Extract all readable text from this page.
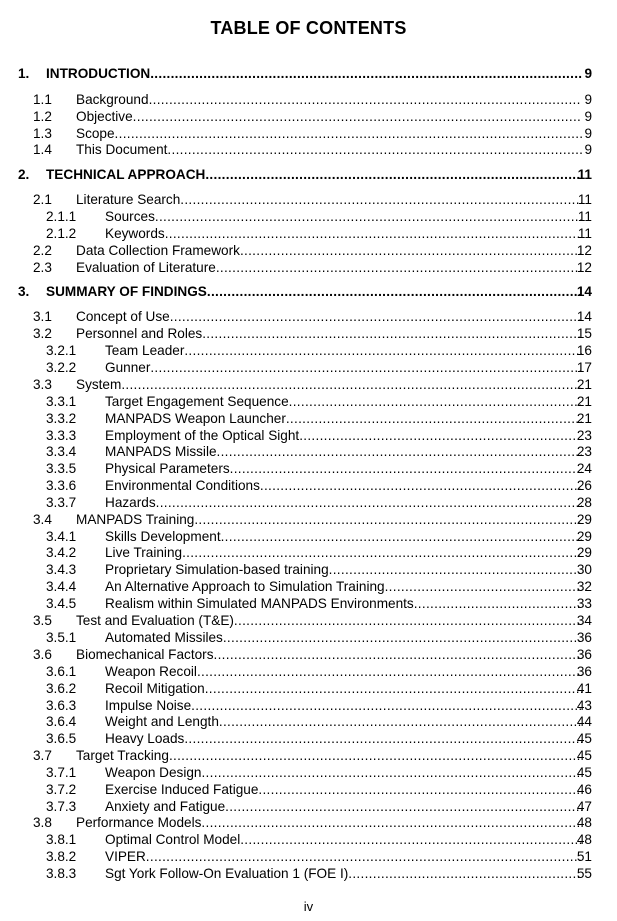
TABLE OF CONTENTS
1. INTRODUCTION .....	9
1.1 Background .....	9
1.2 Objective .....	9
1.3 Scope .....	9
1.4 This Document .....	9
2. TECHNICAL APPROACH .....	11
2.1 Literature Search .....	11
2.1.1 Sources .....	11
2.1.2 Keywords .....	11
2.2 Data Collection Framework .....	12
2.3 Evaluation of Literature .....	12
3. SUMMARY OF FINDINGS .....	14
3.1 Concept of Use .....	14
3.2 Personnel and Roles .....	15
3.2.1 Team Leader .....	16
3.2.2 Gunner .....	17
3.3 System .....	21
3.3.1 Target Engagement Sequence .....	21
3.3.2 MANPADS Weapon Launcher .....	21
3.3.3 Employment of the Optical Sight .....	23
3.3.4 MANPADS Missile .....	23
3.3.5 Physical Parameters .....	24
3.3.6 Environmental Conditions .....	26
3.3.7 Hazards .....	28
3.4 MANPADS Training .....	29
3.4.1 Skills Development .....	29
3.4.2 Live Training .....	29
3.4.3 Proprietary Simulation-based training .....	30
3.4.4 An Alternative Approach to Simulation Training .....	32
3.4.5 Realism within Simulated MANPADS Environments .....	33
3.5 Test and Evaluation (T&E) .....	34
3.5.1 Automated Missiles .....	36
3.6 Biomechanical Factors .....	36
3.6.1 Weapon Recoil .....	36
3.6.2 Recoil Mitigation .....	41
3.6.3 Impulse Noise .....	43
3.6.4 Weight and Length .....	44
3.6.5 Heavy Loads .....	45
3.7 Target Tracking .....	45
3.7.1 Weapon Design .....	45
3.7.2 Exercise Induced Fatigue .....	46
3.7.3 Anxiety and Fatigue .....	47
3.8 Performance Models .....	48
3.8.1 Optimal Control Model .....	48
3.8.2 VIPER .....	51
3.8.3 Sgt York Follow-On Evaluation 1 (FOE I) .....	55
iv
